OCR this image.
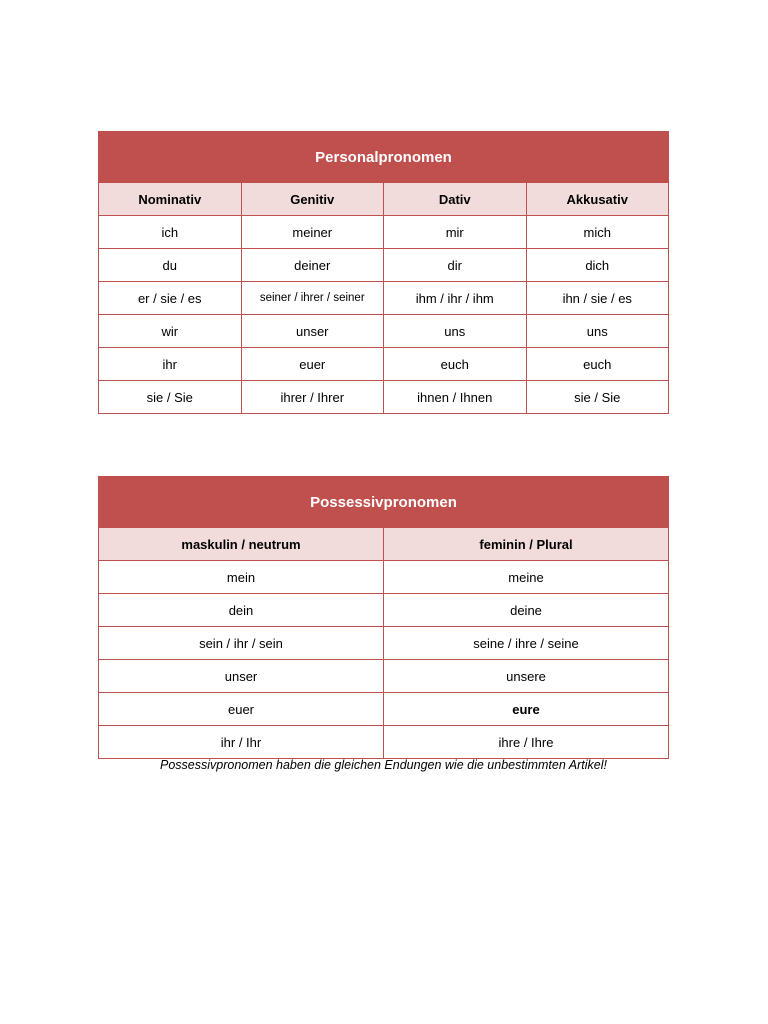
Personalpronomen			
Nominativ	Genitiv	Dativ	Akkusativ
ich	meiner	mir	mich
du	deiner	dir	dich
er / sie / es	seiner / ihrer / seiner	ihm / ihr / ihm	ihn / sie / es
wir	unser	uns	uns
ihr	euer	euch	euch
sie / Sie	ihrer / Ihrer	ihnen / Ihnen	sie / Sie
Possessivpronomen	
maskulin / neutrum	feminin / Plural
mein	meine
dein	deine
sein / ihr / sein	seine / ihre / seine
unser	unsere
euer	eure
ihr / Ihr	ihre / Ihre
Possessivpronomen haben die gleichen Endungen wie die unbestimmten Artikel!
